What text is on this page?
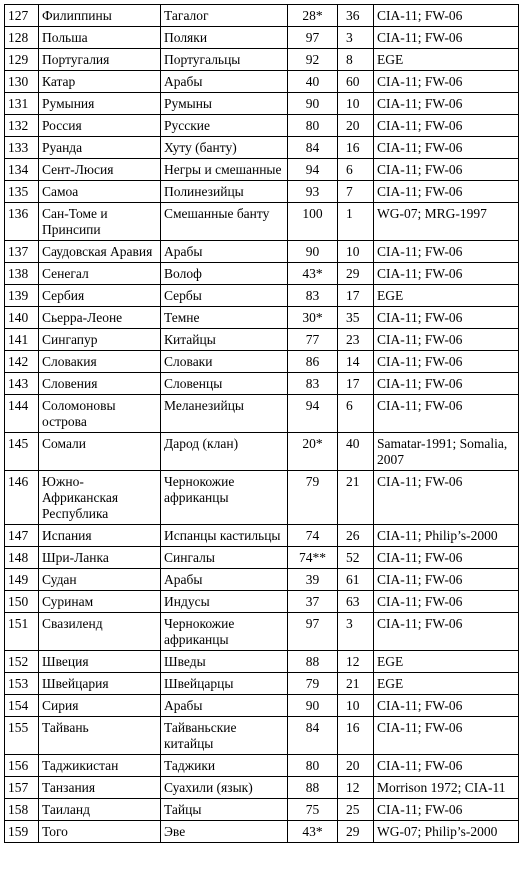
127	Филиппины	Тагалог	28*	36	CIA-11; FW-06
128	Польша	Поляки	97	3	CIA-11; FW-06
129	Португалия	Португальцы	92	8	EGE
130	Катар	Арабы	40	60	CIA-11; FW-06
131	Румыния	Румыны	90	10	CIA-11; FW-06
132	Россия	Русские	80	20	CIA-11; FW-06
133	Руанда	Хуту (банту)	84	16	CIA-11; FW-06
134	Сент-Люсия	Негры и смешанные	94	6	CIA-11; FW-06
135	Самоа	Полинезийцы	93	7	CIA-11; FW-06
136	Сан-Томе и Принсипи	Смешанные банту	100	1	WG-07; MRG-1997
137	Саудовская Аравия	Арабы	90	10	CIA-11; FW-06
138	Сенегал	Волоф	43*	29	CIA-11; FW-06
139	Сербия	Сербы	83	17	EGE
140	Сьерра-Леоне	Темне	30*	35	CIA-11; FW-06
141	Сингапур	Китайцы	77	23	CIA-11; FW-06
142	Словакия	Словаки	86	14	CIA-11; FW-06
143	Словения	Словенцы	83	17	CIA-11; FW-06
144	Соломоновы острова	Меланезийцы	94	6	CIA-11; FW-06
145	Сомали	Дарод (клан)	20*	40	Samatar-1991; Somalia, 2007
146	Южно-Африканская Республика	Чернокожие африканцы	79	21	CIA-11; FW-06
147	Испания	Испанцы кастильцы	74	26	CIA-11; Philip’s-2000
148	Шри-Ланка	Сингалы	74**	52	CIA-11; FW-06
149	Судан	Арабы	39	61	CIA-11; FW-06
150	Суринам	Индусы	37	63	CIA-11; FW-06
151	Свазиленд	Чернокожие африканцы	97	3	CIA-11; FW-06
152	Швеция	Шведы	88	12	EGE
153	Швейцария	Швейцарцы	79	21	EGE
154	Сирия	Арабы	90	10	CIA-11; FW-06
155	Тайвань	Тайваньские китайцы	84	16	CIA-11; FW-06
156	Таджикистан	Таджики	80	20	CIA-11; FW-06
157	Танзания	Суахили (язык)	88	12	Morrison 1972; CIA-11
158	Таиланд	Тайцы	75	25	CIA-11; FW-06
159	Того	Эве	43*	29	WG-07; Philip’s-2000
